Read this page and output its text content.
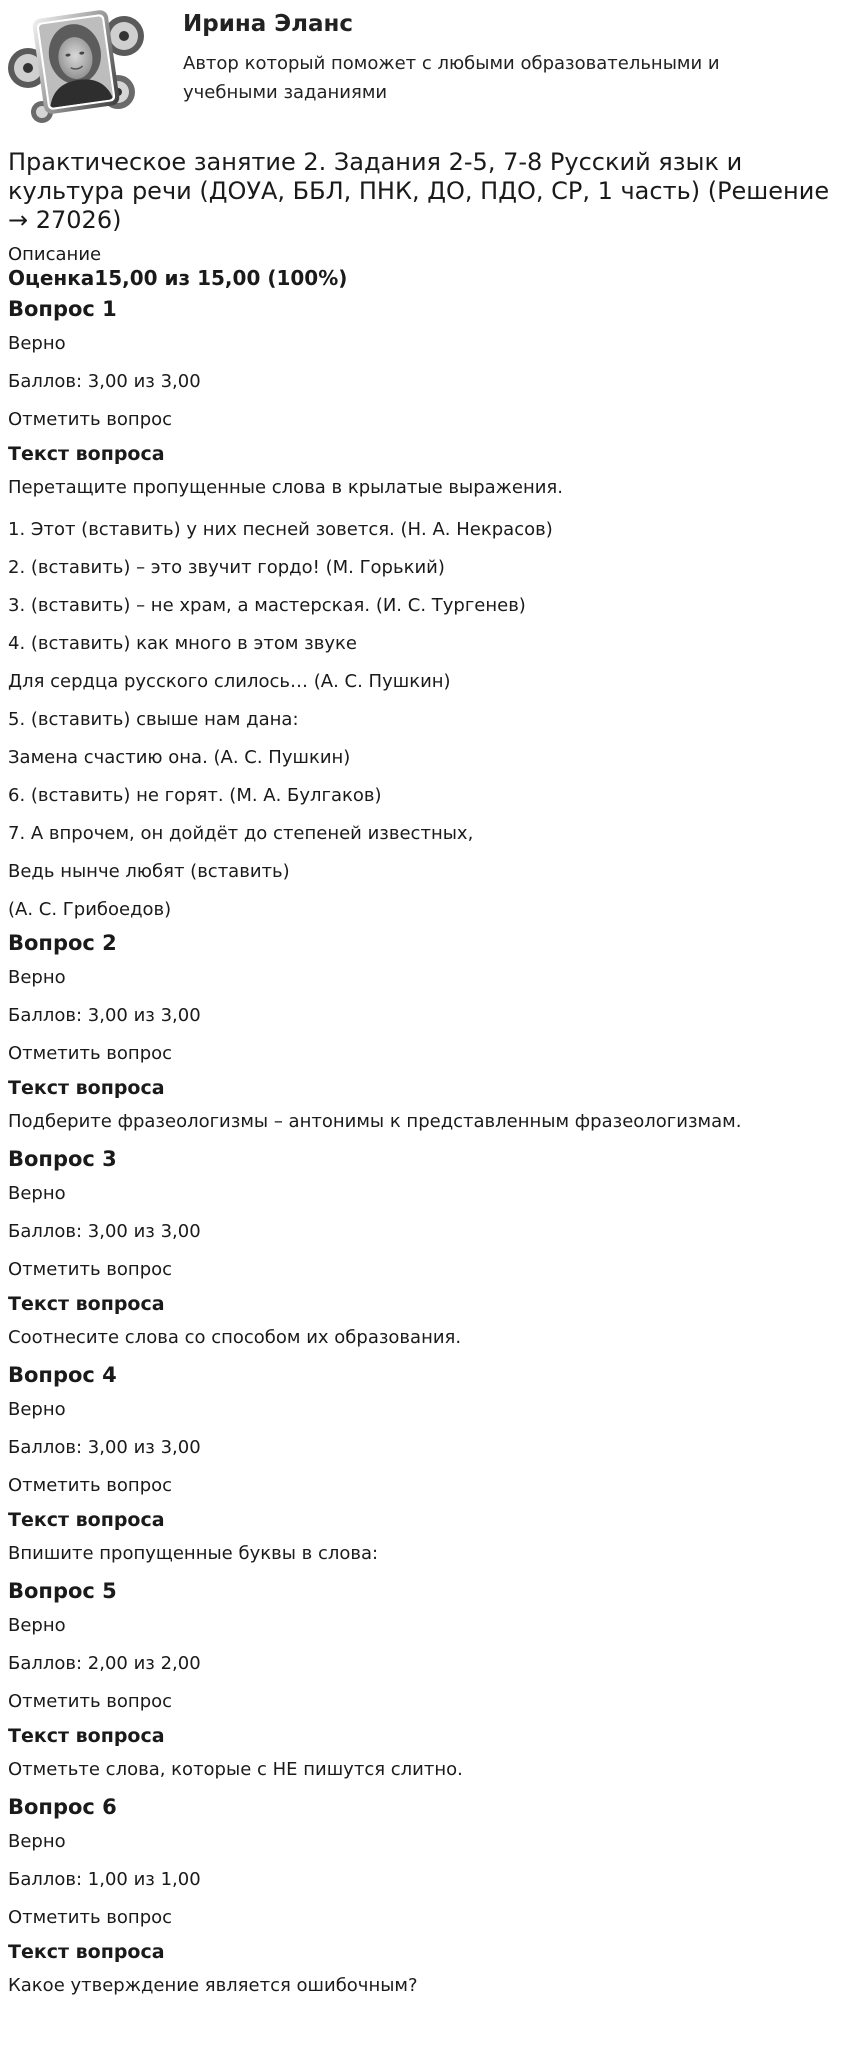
Ирина Эланс
Автор который поможет с любыми образовательными и учебными заданиями
Практическое занятие 2. Задания 2-5, 7-8 Русский язык и культура речи (ДОУА, ББЛ, ПНК, ДО, ПДО, СР, 1 часть) (Решение → 27026)
Описание
Оценка15,00 из 15,00 (100%)
Вопрос 1
Верно
Баллов: 3,00 из 3,00
Отметить вопрос
Текст вопроса
Перетащите пропущенные слова в крылатые выражения.
1. Этот (вставить) у них песней зовется. (Н. А. Некрасов)
2. (вставить) – это звучит гордо! (М. Горький)
3. (вставить) – не храм, а мастерская. (И. С. Тургенев)
4. (вставить) как много в этом звуке
Для сердца русского слилось… (А. С. Пушкин)
5. (вставить) свыше нам дана:
Замена счастию она. (А. С. Пушкин)
6. (вставить) не горят. (М. А. Булгаков)
7. А впрочем, он дойдёт до степеней известных,
Ведь нынче любят (вставить)
(А. С. Грибоедов)
Вопрос 2
Верно
Баллов: 3,00 из 3,00
Отметить вопрос
Текст вопроса
Подберите фразеологизмы – антонимы к представленным фразеологизмам.
Вопрос 3
Верно
Баллов: 3,00 из 3,00
Отметить вопрос
Текст вопроса
Соотнесите слова со способом их образования.
Вопрос 4
Верно
Баллов: 3,00 из 3,00
Отметить вопрос
Текст вопроса
Впишите пропущенные буквы в слова:
Вопрос 5
Верно
Баллов: 2,00 из 2,00
Отметить вопрос
Текст вопроса
Отметьте слова, которые с НЕ пишутся слитно.
Вопрос 6
Верно
Баллов: 1,00 из 1,00
Отметить вопрос
Текст вопроса
Какое утверждение является ошибочным?
